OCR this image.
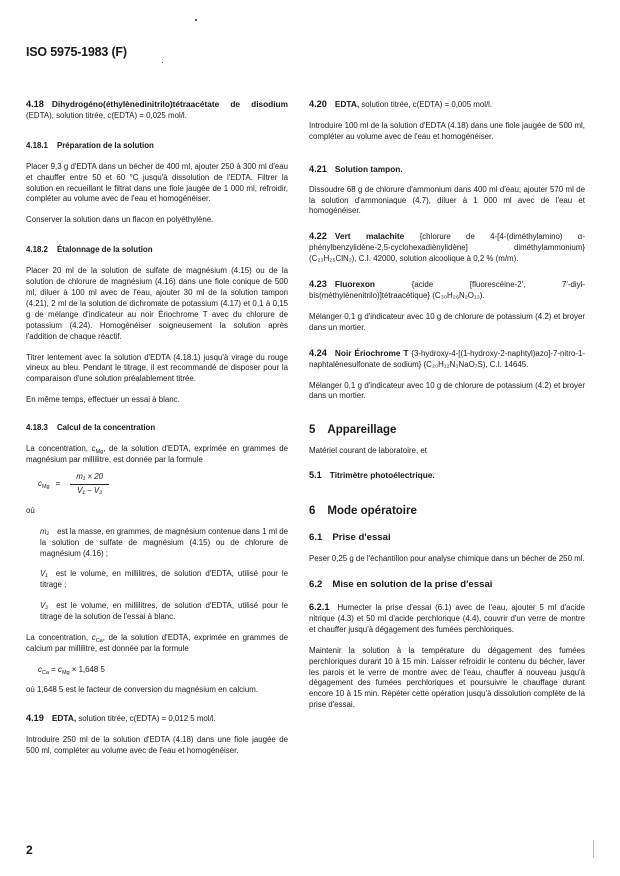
ISO 5975-1983 (F)

4.18 Dihydrogéno(éthylènedinitrilo)tétraacétate de disodium (EDTA), solution titrée, c(EDTA) = 0,025 mol/l.

4.18.1 Préparation de la solution

Placer 9,3 g d'EDTA dans un bécher de 400 ml, ajouter 250 à 300 ml d'eau et chauffer entre 50 et 60 °C jusqu'à dissolution de l'EDTA. Filtrer la solution en recueillant le filtrat dans une fiole jaugée de 1 000 ml, refroidir, compléter au volume avec de l'eau et homogénéiser.

Conserver la solution dans un flacon en polyéthylène.

4.18.2 Étalonnage de la solution

Placer 20 ml de la solution de sulfate de magnésium (4.15) ou de la solution de chlorure de magnésium (4.16) dans une fiole conique de 500 ml, diluer à 100 ml avec de l'eau, ajouter 30 ml de la solution tampon (4.21), 2 ml de la solution de dichromate de potassium (4.17) et 0,1 à 0,15 g de mélange d'indicateur au noir Ériochrome T avec du chlorure de potassium (4.24). Homogénéiser soigneusement la solution après l'addition de chaque réactif.

Titrer lentement avec la solution d'EDTA (4.18.1) jusqu'à virage du rouge vineux au bleu. Pendant le titrage, il est recommandé de disposer pour la comparaison d'une solution préalablement titrée.

En même temps, effectuer un essai à blanc.

4.18.3 Calcul de la concentration

La concentration, $c_{Mg}$, de la solution d'EDTA, exprimée en grammes de magnésium par millilitre, est donnée par la formule

$c_{Mg} = \frac{\text{m₁ × 20}}{\text{V₁ − V₂}}$

où

m₁ est la masse, en grammes, de magnésium contenue dans 1 ml de la solution de sulfate de magnésium (4.15) ou de chlorure de magnésium (4.16) ;

V₁ est le volume, en millilitres, de solution d'EDTA, utilisé pour le titrage ;

V₂ est le volume, en millilitres, de solution d'EDTA, utilisé pour le titrage de la solution de l'essai à blanc.

La concentration, $c_{Ca}$, de la solution d'EDTA, exprimée en grammes de calcium par millilitre, est donnée par la formule

$c_{Ca} = c_{Mg} \times 1,648$ 5

où 1,648 5 est le facteur de conversion du magnésium en calcium.

4.19 EDTA, solution titrée, c(EDTA) = 0,012 5 mol/l.

Introduire 250 ml de la solution d'EDTA (4.18) dans une fiole jaugée de 500 ml, compléter au volume avec de l'eau et homogénéiser.

4.20 EDTA, solution titrée, c(EDTA) = 0,005 mol/l.

Introduire 100 ml de la solution d'EDTA (4.18) dans une fiole jaugée de 500 ml, compléter au volume avec de l'eau et homogénéiser.

4.21 Solution tampon.

Dissoudre 68 g de chlorure d'ammonium dans 400 ml d'eau, ajouter 570 ml de la solution d'ammoniaque (4.7), diluer à 1 000 ml avec de l'eau et homogénéiser.

4.22 Vert malachite {chlorure de 4-[4-(diméthylamino) α-phénylbenzylidène-2,5-cyclohexadiènylidène] diméthylammonium} (C₂₃H₂₅ClN₂), C.I. 42000, solution alcoolique à 0,2 % (m/m).

4.23 Fluorexon {acide [fluorescéine-2', 7'-diyl-bis(méthylènenitrilo)]tétraacétique} (C₃₀H₂₆N₂O₁₃).

Mélanger 0,1 g d'indicateur avec 10 g de chlorure de potassium (4.2) et broyer dans un mortier.

4.24 Noir Ériochrome T {3-hydroxy-4-[(1-hydroxy-2-naphtyl)azo]-7-nitro-1-naphtalènesulfonate de sodium} (C₂₀H₁₂N₃NaO₇S), C.I. 14645.

Mélanger 0,1 g d'indicateur avec 10 g de chlorure de potassium (4.2) et broyer dans un mortier.

5 Appareillage

Matériel courant de laboratoire, et

5.1 Titrimètre photoélectrique.
6 Mode opératoire
6.1 Prise d'essai

Peser 0,25 g de l'échantillon pour analyse chimique dans un bécher de 250 ml.

6.2 Mise en solution de la prise d'essai

6.2.1 Humecter la prise d'essai (6.1) avec de l'eau, ajouter 5 ml d'acide nitrique (4.3) et 50 ml d'acide perchlorique (4.4), couvrir d'un verre de montre et chauffer jusqu'à dégagement des fumées perchloriques.

Maintenir la solution à la température du dégagement des fumées perchloriques durant 10 à 15 min. Laisser refroidir le contenu du bécher, laver les parois et le verre de montre avec de l'eau, chauffer à nouveau jusqu'à dégagement des fumées perchloriques et poursuivre le chauffage durant encore 10 à 15 min. Répéter cette opération jusqu'à dissolution complète de la prise d'essai.

2
